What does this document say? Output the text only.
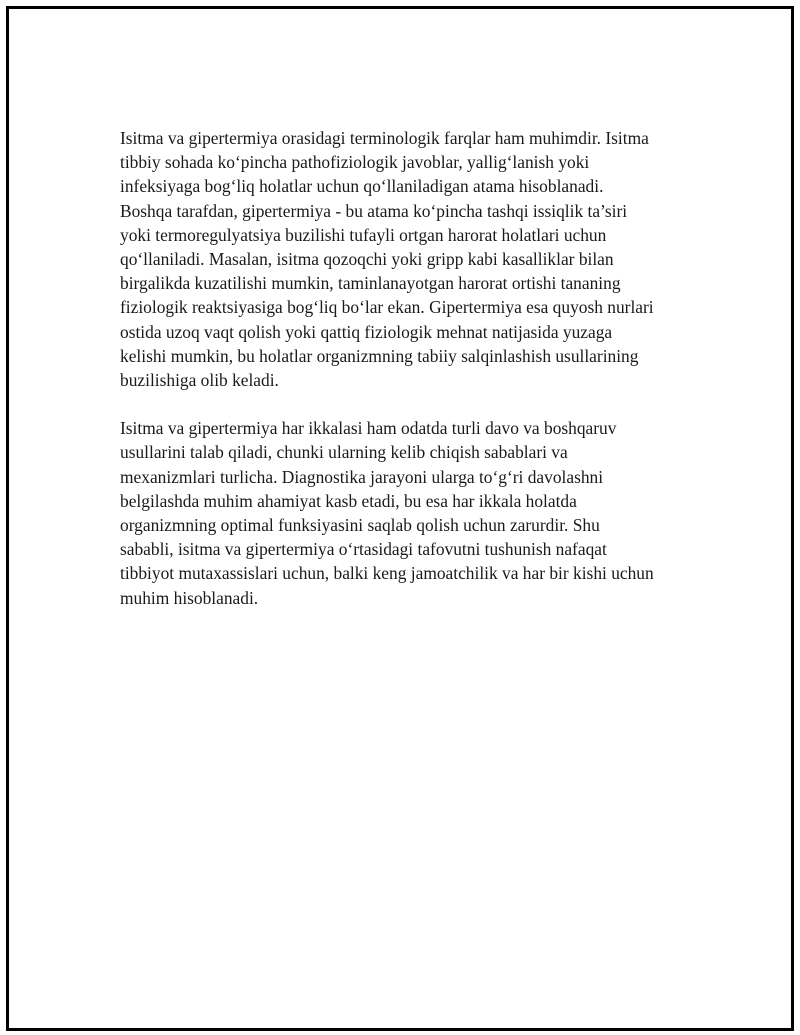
Isitma va gipertermiya orasidagi terminologik farqlar ham muhimdir. Isitma
tibbiy sohada ko‘pincha pathofiziologik javoblar, yallig‘lanish yoki
infeksiyaga bog‘liq holatlar uchun qo‘llaniladigan atama hisoblanadi.
Boshqa tarafdan, gipertermiya - bu atama ko‘pincha tashqi issiqlik ta’siri
yoki termoregulyatsiya buzilishi tufayli ortgan harorat holatlari uchun
qo‘llaniladi. Masalan, isitma qozoqchi yoki gripp kabi kasalliklar bilan
birgalikda kuzatilishi mumkin, taminlanayotgan harorat ortishi tananing
fiziologik reaktsiyasiga bog‘liq bo‘lar ekan. Gipertermiya esa quyosh nurlari
ostida uzoq vaqt qolish yoki qattiq fiziologik mehnat natijasida yuzaga
kelishi mumkin, bu holatlar organizmning tabiiy salqinlashish usullarining
buzilishiga olib keladi.

Isitma va gipertermiya har ikkalasi ham odatda turli davo va boshqaruv
usullarini talab qiladi, chunki ularning kelib chiqish sabablari va
mexanizmlari turlicha. Diagnostika jarayoni ularga to‘g‘ri davolashni
belgilashda muhim ahamiyat kasb etadi, bu esa har ikkala holatda
organizmning optimal funksiyasini saqlab qolish uchun zarurdir. Shu
sababli, isitma va gipertermiya o‘rtasidagi tafovutni tushunish nafaqat
tibbiyot mutaxassislari uchun, balki keng jamoatchilik va har bir kishi uchun
muhim hisoblanadi.
